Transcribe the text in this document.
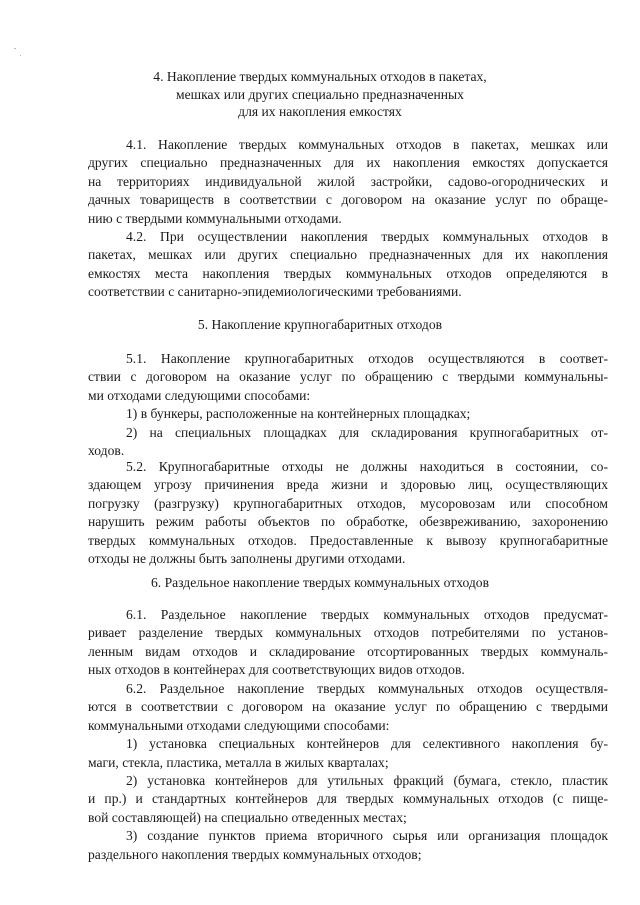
4. Накопление твердых коммунальных отходов в пакетах,
мешках или других специально предназначенных
для их накопления емкостях
4.1. Накопление твердых коммунальных отходов в пакетах, мешках или
других специально предназначенных для их накопления емкостях допускается
на территориях индивидуальной жилой застройки, садово-огороднических и
дачных товариществ в соответствии с договором на оказание услуг по обраще-
нию с твердыми коммунальными отходами.
4.2. При осуществлении накопления твердых коммунальных отходов в
пакетах, мешках или других специально предназначенных для их накопления
емкостях места накопления твердых коммунальных отходов определяются в
соответствии с санитарно-эпидемиологическими требованиями.
5. Накопление крупногабаритных отходов
5.1. Накопление крупногабаритных отходов осуществляются в соответ-
ствии с договором на оказание услуг по обращению с твердыми коммунальны-
ми отходами следующими способами:
1) в бункеры, расположенные на контейнерных площадках;
2) на специальных площадках для складирования крупногабаритных от-
ходов.
5.2. Крупногабаритные отходы не должны находиться в состоянии, со-
здающем угрозу причинения вреда жизни и здоровью лиц, осуществляющих
погрузку (разгрузку) крупногабаритных отходов, мусоровозам или способном
нарушить режим работы объектов по обработке, обезвреживанию, захоронению
твердых коммунальных отходов. Предоставленные к вывозу крупногабаритные
отходы не должны быть заполнены другими отходами.
6. Раздельное накопление твердых коммунальных отходов
6.1. Раздельное накопление твердых коммунальных отходов предусмат-
ривает разделение твердых коммунальных отходов потребителями по установ-
ленным видам отходов и складирование отсортированных твердых коммуналь-
ных отходов в контейнерах для соответствующих видов отходов.
6.2. Раздельное накопление твердых коммунальных отходов осуществля-
ются в соответствии с договором на оказание услуг по обращению с твердыми
коммунальными отходами следующими способами:
1) установка специальных контейнеров для селективного накопления бу-
маги, стекла, пластика, металла в жилых кварталах;
2) установка контейнеров для утильных фракций (бумага, стекло, пластик
и пр.) и стандартных контейнеров для твердых коммунальных отходов (с пище-
вой составляющей) на специально отведенных местах;
3) создание пунктов приема вторичного сырья или организация площадок
раздельного накопления твердых коммунальных отходов;
